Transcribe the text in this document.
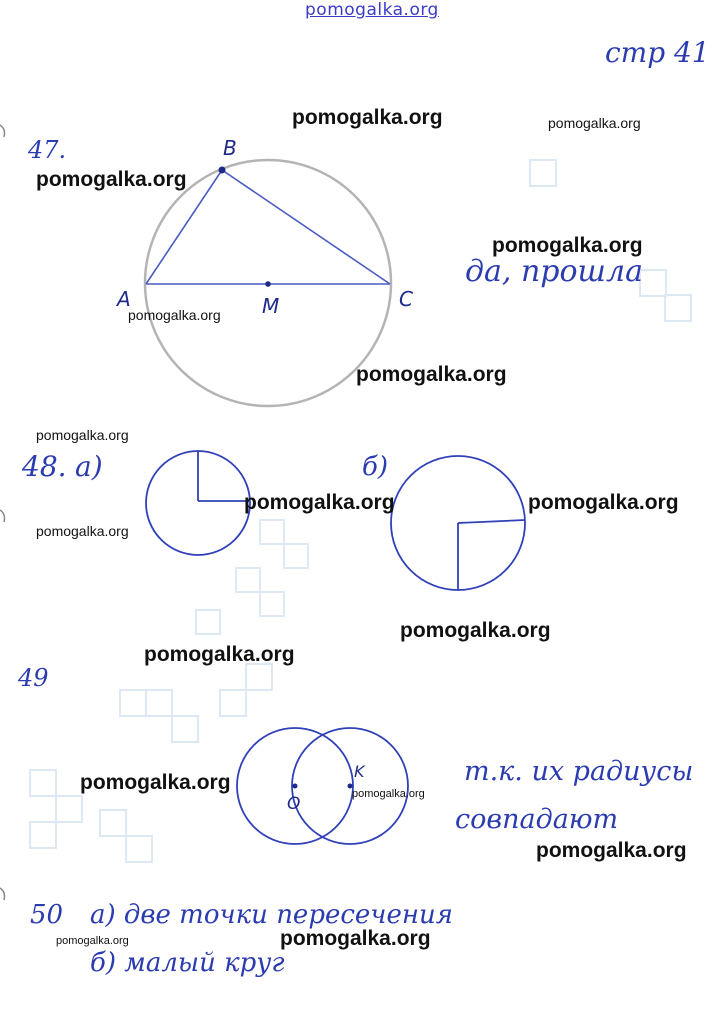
pomogalka.org
стр 41
47.	B
A	M	C
да, прошла
48. а)	б)
49
O
K	т.к. их радиусы
совпадают
50 а) две точки пересечения
б) малый круг
pomogalka.org	pomogalka.org
pomogalka.org
pomogalka.org
pomogalka.org
pomogalka.org
pomogalka.org
pomogalka.org	pomogalka.org
pomogalka.org
pomogalka.org
pomogalka.org
pomogalka.org	pomogalka.org
pomogalka.org
pomogalka.org
pomogalka.org
